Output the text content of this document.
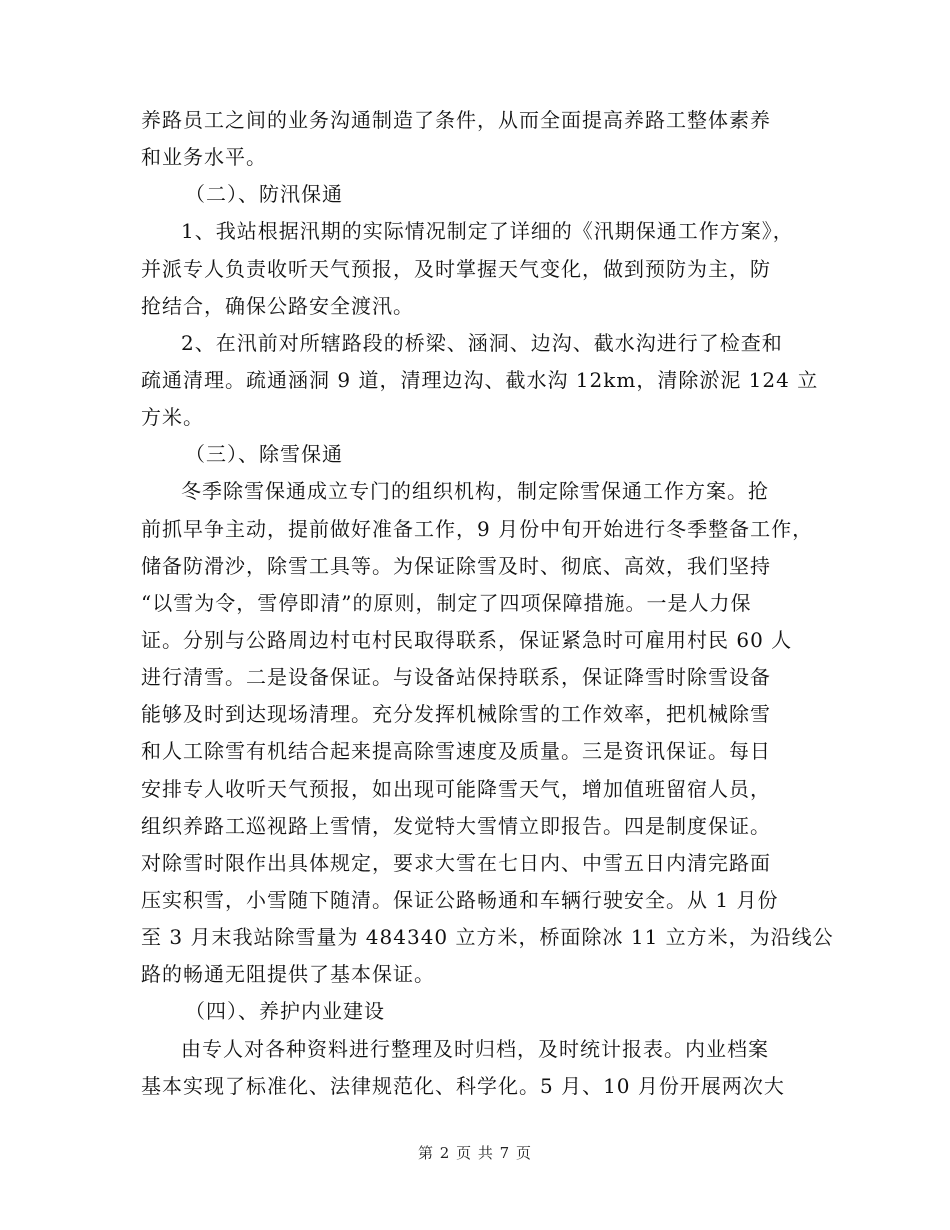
养路员工之间的业务沟通制造了条件，从而全面提高养路工整体素养
和业务水平。
（二）、防汛保通
1、我站根据汛期的实际情况制定了详细的《汛期保通工作方案》，
并派专人负责收听天气预报，及时掌握天气变化，做到预防为主，防
抢结合，确保公路安全渡汛。
2、在汛前对所辖路段的桥梁、涵洞、边沟、截水沟进行了检查和
疏通清理。疏通涵洞 9 道，清理边沟、截水沟 12km，清除淤泥 124 立
方米。
（三）、除雪保通
冬季除雪保通成立专门的组织机构，制定除雪保通工作方案。抢
前抓早争主动，提前做好准备工作，9 月份中旬开始进行冬季整备工作，
储备防滑沙，除雪工具等。为保证除雪及时、彻底、高效，我们坚持
“以雪为令，雪停即清”的原则，制定了四项保障措施。一是人力保
证。分别与公路周边村屯村民取得联系，保证紧急时可雇用村民 60 人
进行清雪。二是设备保证。与设备站保持联系，保证降雪时除雪设备
能够及时到达现场清理。充分发挥机械除雪的工作效率，把机械除雪
和人工除雪有机结合起来提高除雪速度及质量。三是资讯保证。每日
安排专人收听天气预报，如出现可能降雪天气，增加值班留宿人员，
组织养路工巡视路上雪情，发觉特大雪情立即报告。四是制度保证。
对除雪时限作出具体规定，要求大雪在七日内、中雪五日内清完路面
压实积雪，小雪随下随清。保证公路畅通和车辆行驶安全。从 1 月份
至 3 月末我站除雪量为 484340 立方米，桥面除冰 11 立方米，为沿线公
路的畅通无阻提供了基本保证。
（四）、养护内业建设
由专人对各种资料进行整理及时归档，及时统计报表。内业档案
基本实现了标准化、法律规范化、科学化。5 月、10 月份开展两次大
第 2 页 共 7 页
